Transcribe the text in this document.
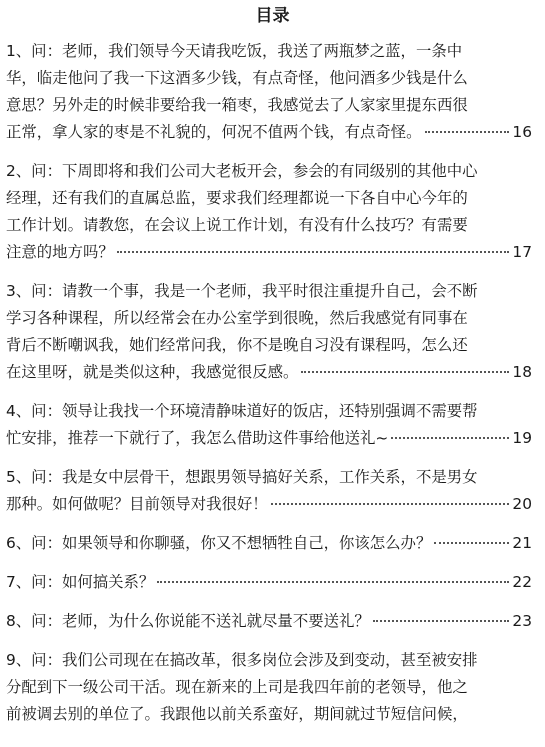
目录
1、问：老师，我们领导今天请我吃饭，我送了两瓶梦之蓝，一条中
华，临走他问了我一下这酒多少钱，有点奇怪，他问酒多少钱是什么
意思？另外走的时候非要给我一箱枣，我感觉去了人家家里提东西很
正常，拿人家的枣是不礼貌的，何况不值两个钱，有点奇怪。	16
2、问：下周即将和我们公司大老板开会，参会的有同级别的其他中心
经理，还有我们的直属总监，要求我们经理都说一下各自中心今年的
工作计划。请教您，在会议上说工作计划，有没有什么技巧？有需要
注意的地方吗？	17
3、问：请教一个事，我是一个老师，我平时很注重提升自己，会不断
学习各种课程，所以经常会在办公室学到很晚，然后我感觉有同事在
背后不断嘲讽我，她们经常问我，你不是晚自习没有课程吗，怎么还
在这里呀，就是类似这种，我感觉很反感。	18
4、问：领导让我找一个环境清静味道好的饭店，还特别强调不需要帮
忙安排，推荐一下就行了，我怎么借助这件事给他送礼~	19
5、问：我是女中层骨干，想跟男领导搞好关系，工作关系，不是男女
那种。如何做呢？目前领导对我很好！	20
6、问：如果领导和你聊骚，你又不想牺牲自己，你该怎么办？	21
7、问：如何搞关系？	22
8、问：老师，为什么你说能不送礼就尽量不要送礼？	23
9、问：我们公司现在在搞改革，很多岗位会涉及到变动，甚至被安排
分配到下一级公司干活。现在新来的上司是我四年前的老领导，他之
前被调去别的单位了。我跟他以前关系蛮好，期间就过节短信问候，
